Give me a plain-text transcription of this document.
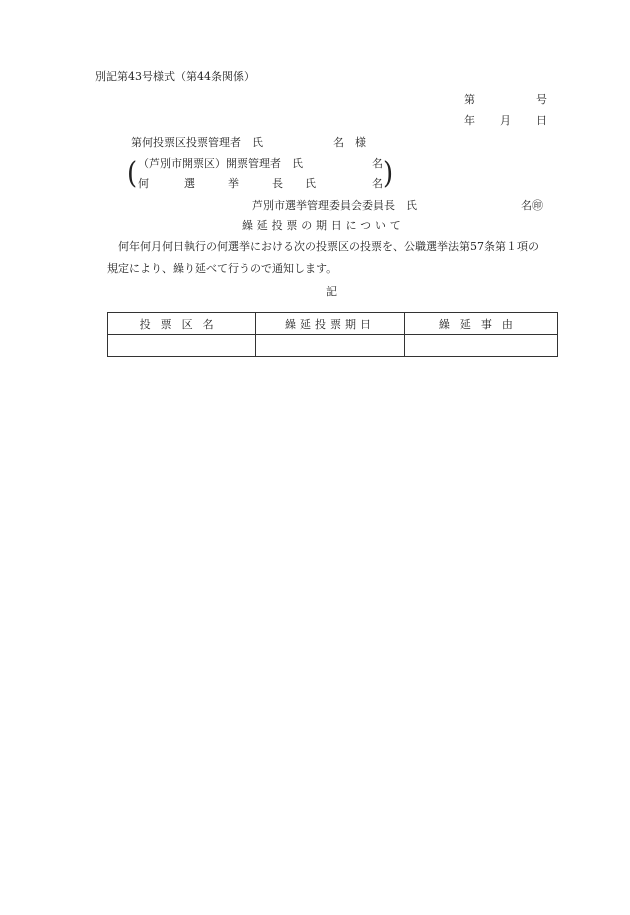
別記第43号様式（第44条関係）
第	号
年 月 日
第何投票区投票管理者　氏	名　様
(	)
（芦別市開票区）開票管理者　氏	名
何	選　　　挙　　　長 氏	名
芦別市選挙管理委員会委員長　氏	名㊞
繰延投票の期日について
何年何月何日執行の何選挙における次の投票区の投票を、公職選挙法第57条第１項の
規定により、繰り延べて行うので通知します。
記
投票区名	繰延投票期日	繰延事由
